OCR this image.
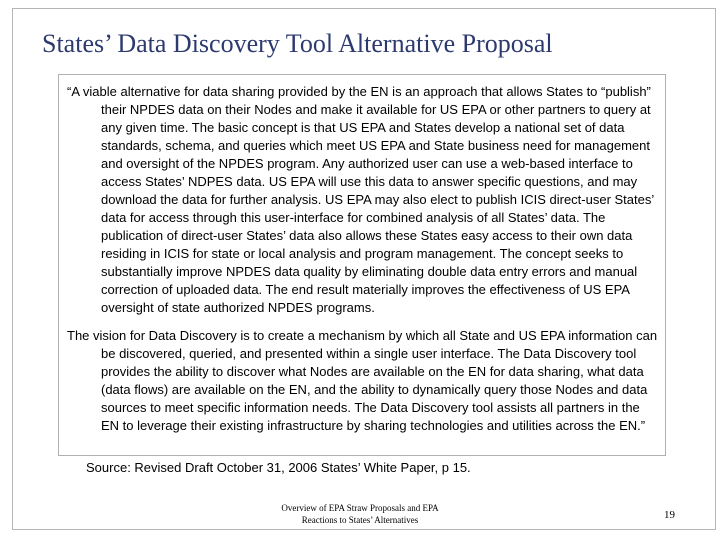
States’ Data Discovery Tool Alternative Proposal

“A viable alternative for data sharing provided by the EN is an approach that allows States to “publish” their NPDES data on their Nodes and make it available for US EPA or other partners to query at any given time. The basic concept is that US EPA and States develop a national set of data standards, schema, and queries which meet US EPA and State business need for management and oversight of the NPDES program. Any authorized user can use a web-based interface to access States’ NDPES data. US EPA will use this data to answer specific questions, and may download the data for further analysis. US EPA may also elect to publish ICIS direct-user States’ data for access through this user-interface for combined analysis of all States’ data. The publication of direct-user States’ data also allows these States easy access to their own data residing in ICIS for state or local analysis and program management. The concept seeks to substantially improve NPDES data quality by eliminating double data entry errors and manual correction of uploaded data. The end result materially improves the effectiveness of US EPA oversight of state authorized NPDES programs.

The vision for Data Discovery is to create a mechanism by which all State and US EPA information can be discovered, queried, and presented within a single user interface. The Data Discovery tool provides the ability to discover what Nodes are available on the EN for data sharing, what data (data flows) are available on the EN, and the ability to dynamically query those Nodes and data sources to meet specific information needs. The Data Discovery tool assists all partners in the EN to leverage their existing infrastructure by sharing technologies and utilities across the EN.”

Source: Revised Draft October 31, 2006 States’ White Paper, p 15.

Overview of EPA Straw Proposals and EPA
Reactions to States’ Alternatives	19
